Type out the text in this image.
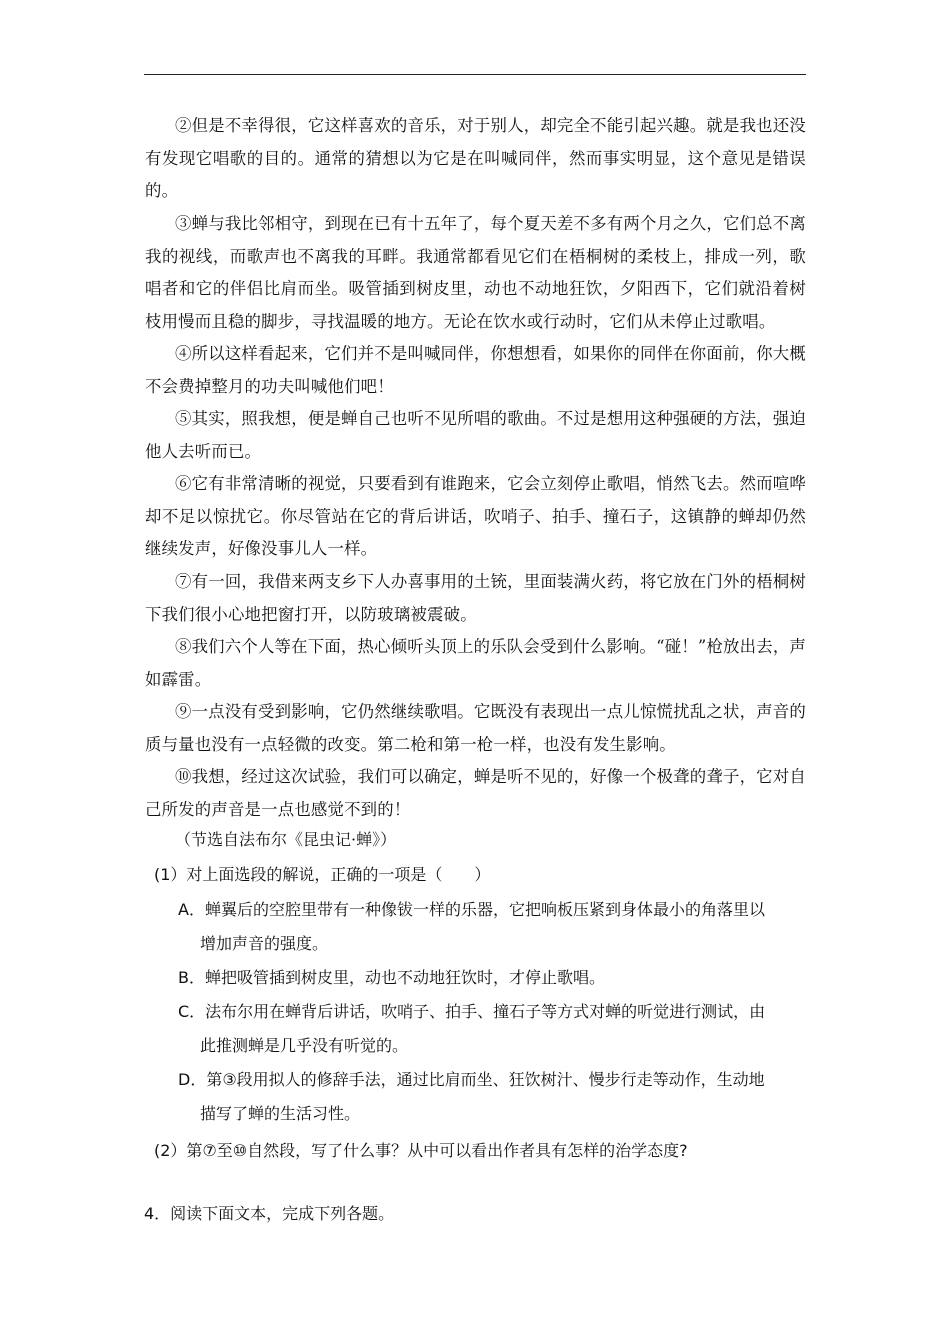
②但是不幸得很，它这样喜欢的音乐，对于别人，却完全不能引起兴趣。就是我也还没有发现它唱歌的目的。通常的猜想以为它是在叫喊同伴，然而事实明显，这个意见是错误的。

③蝉与我比邻相守，到现在已有十五年了，每个夏天差不多有两个月之久，它们总不离我的视线，而歌声也不离我的耳畔。我通常都看见它们在梧桐树的柔枝上，排成一列，歌唱者和它的伴侣比肩而坐。吸管插到树皮里，动也不动地狂饮，夕阳西下，它们就沿着树枝用慢而且稳的脚步，寻找温暖的地方。无论在饮水或行动时，它们从未停止过歌唱。

④所以这样看起来，它们并不是叫喊同伴，你想想看，如果你的同伴在你面前，你大概不会费掉整月的功夫叫喊他们吧！

⑤其实，照我想，便是蝉自己也听不见所唱的歌曲。不过是想用这种强硬的方法，强迫他人去听而已。

⑥它有非常清晰的视觉，只要看到有谁跑来，它会立刻停止歌唱，悄然飞去。然而喧哗却不足以惊扰它。你尽管站在它的背后讲话，吹哨子、拍手、撞石子，这镇静的蝉却仍然继续发声，好像没事儿人一样。

⑦有一回，我借来两支乡下人办喜事用的土铳，里面装满火药，将它放在门外的梧桐树下我们很小心地把窗打开，以防玻璃被震破。

⑧我们六个人等在下面，热心倾听头顶上的乐队会受到什么影响。“碰！”枪放出去，声如霹雷。

⑨一点没有受到影响，它仍然继续歌唱。它既没有表现出一点儿惊慌扰乱之状，声音的质与量也没有一点轻微的改变。第二枪和第一枪一样，也没有发生影响。

⑩我想，经过这次试验，我们可以确定，蝉是听不见的，好像一个极聋的聋子，它对自己所发的声音是一点也感觉不到的！

（节选自法布尔《昆虫记·蝉》）
(1）对上面选段的解说，正确的一项是（　　）
A．蝉翼后的空腔里带有一种像钹一样的乐器，它把响板压紧到身体最小的角落里以
增加声音的强度。
B．蝉把吸管插到树皮里，动也不动地狂饮时，才停止歌唱。
C．法布尔用在蝉背后讲话，吹哨子、拍手、撞石子等方式对蝉的听觉进行测试，由
此推测蝉是几乎没有听觉的。
D．第③段用拟人的修辞手法，通过比肩而坐、狂饮树汁、慢步行走等动作，生动地
描写了蝉的生活习性。
(2）第⑦至⑩自然段，写了什么事？从中可以看出作者具有怎样的治学态度?
4．阅读下面文本，完成下列各题。
